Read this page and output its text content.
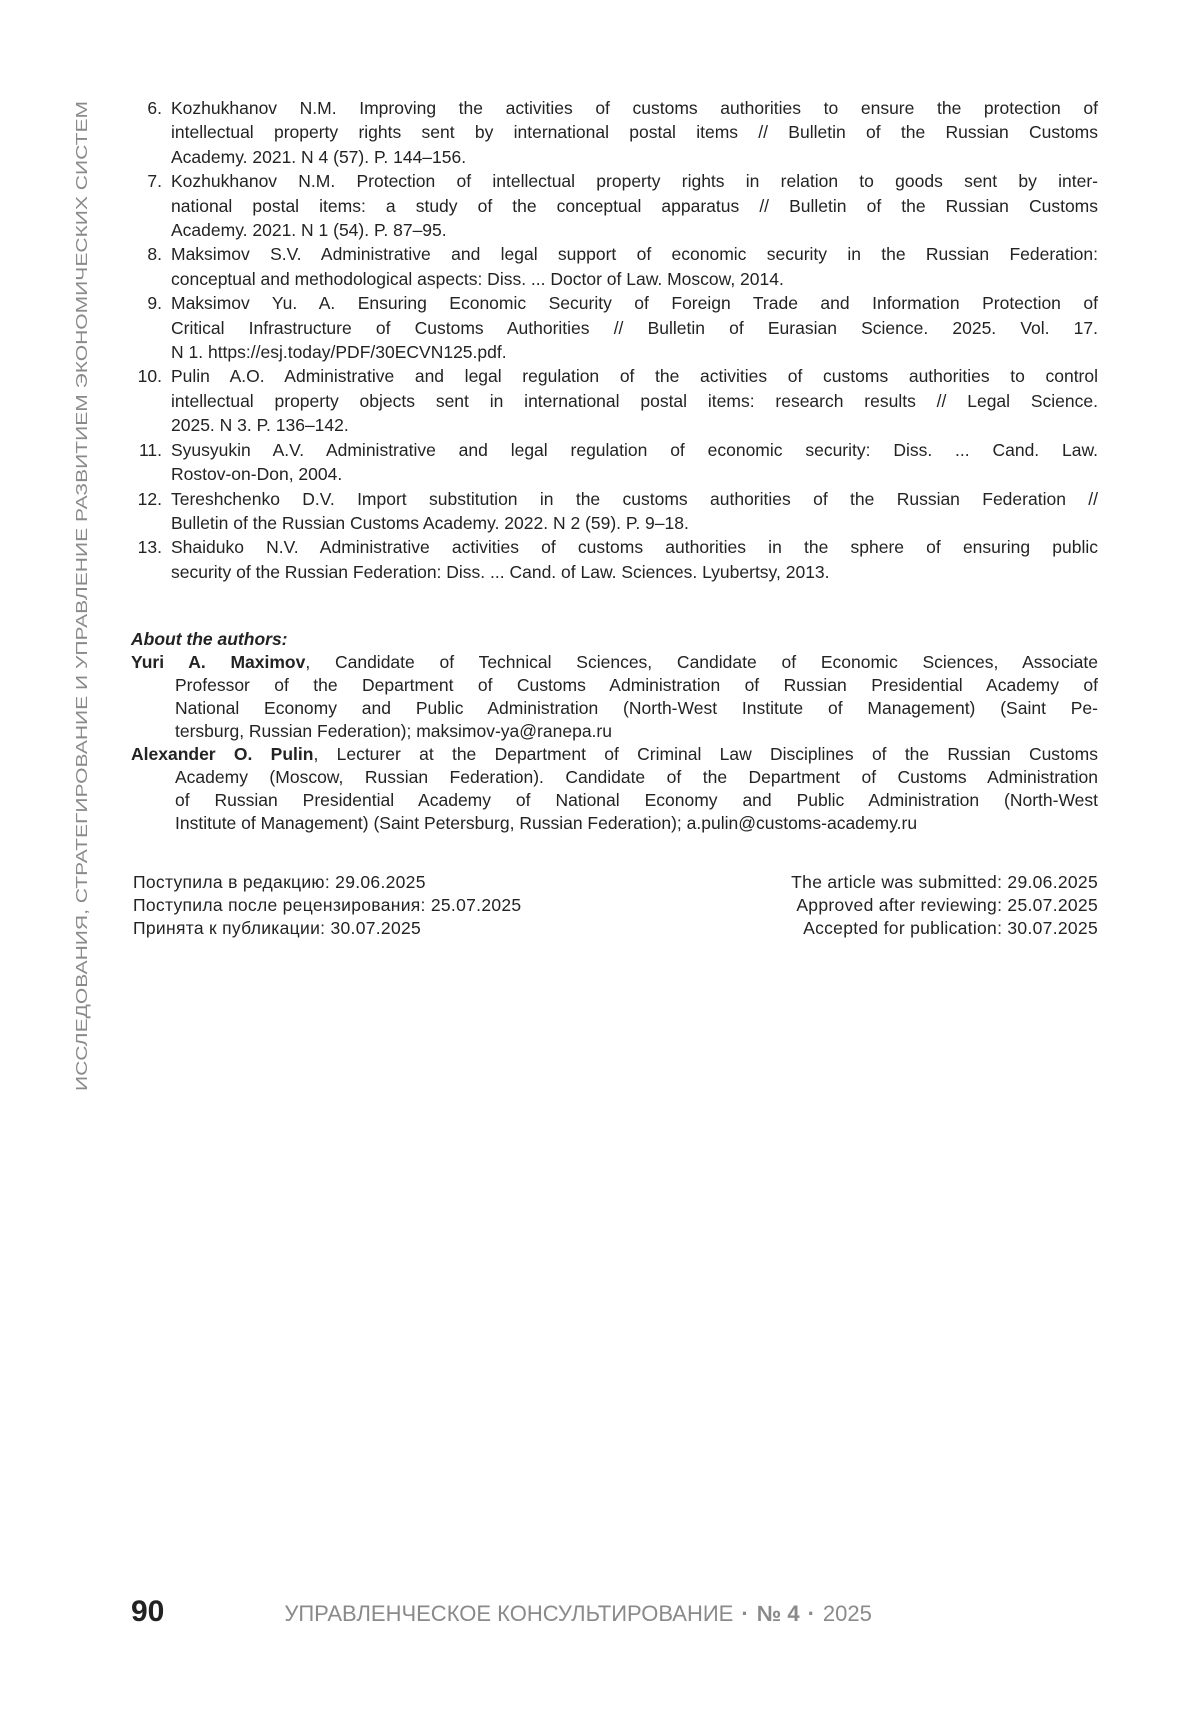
ИССЛЕДОВАНИЯ, СТРАТЕГИРОВАНИЕ И УПРАВЛЕНИЕ РАЗВИТИЕМ ЭКОНОМИЧЕСКИХ СИСТЕМ
6. Kozhukhanov N.M. Improving the activities of customs authorities to ensure the protection of
intellectual property rights sent by international postal items // Bulletin of the Russian Customs
Academy. 2021. N 4 (57). P. 144–156.
7. Kozhukhanov N.M. Protection of intellectual property rights in relation to goods sent by inter-
national postal items: a study of the conceptual apparatus // Bulletin of the Russian Customs
Academy. 2021. N 1 (54). P. 87–95.
8. Maksimov S.V. Administrative and legal support of economic security in the Russian Federation:
conceptual and methodological aspects: Diss. ... Doctor of Law. Moscow, 2014.
9. Maksimov Yu. A. Ensuring Economic Security of Foreign Trade and Information Protection of
Critical Infrastructure of Customs Authorities // Bulletin of Eurasian Science. 2025. Vol. 17.
N 1. https://esj.today/PDF/30ECVN125.pdf.
10. Pulin A.O. Administrative and legal regulation of the activities of customs authorities to control
intellectual property objects sent in international postal items: research results // Legal Science.
2025. N 3. P. 136–142.
11. Syusyukin A.V. Administrative and legal regulation of economic security: Diss. ... Cand. Law.
Rostov-on-Don, 2004.
12. Tereshchenko D.V. Import substitution in the customs authorities of the Russian Federation //
Bulletin of the Russian Customs Academy. 2022. N 2 (59). P. 9–18.
13. Shaiduko N.V. Administrative activities of customs authorities in the sphere of ensuring public
security of the Russian Federation: Diss. ... Cand. of Law. Sciences. Lyubertsy, 2013.
About the authors:
Yuri A. Maximov, Candidate of Technical Sciences, Candidate of Economic Sciences, Associate
Professor of the Department of Customs Administration of Russian Presidential Academy of
National Economy and Public Administration (North-West Institute of Management) (Saint Pe-
tersburg, Russian Federation); maksimov-ya@ranepa.ru
Alexander O. Pulin, Lecturer at the Department of Criminal Law Disciplines of the Russian Customs
Academy (Moscow, Russian Federation). Candidate of the Department of Customs Administration
of Russian Presidential Academy of National Economy and Public Administration (North-West
Institute of Management) (Saint Petersburg, Russian Federation); a.pulin@customs-academy.ru
Поступила в редакцию: 29.06.2025
Поступила после рецензирования: 25.07.2025
Принята к публикации: 30.07.2025
The article was submitted: 29.06.2025
Approved after reviewing: 25.07.2025
Accepted for publication: 30.07.2025
90	УПРАВЛЕНЧЕСКОЕ КОНСУЛЬТИРОВАНИЕ · № 4 · 2025
